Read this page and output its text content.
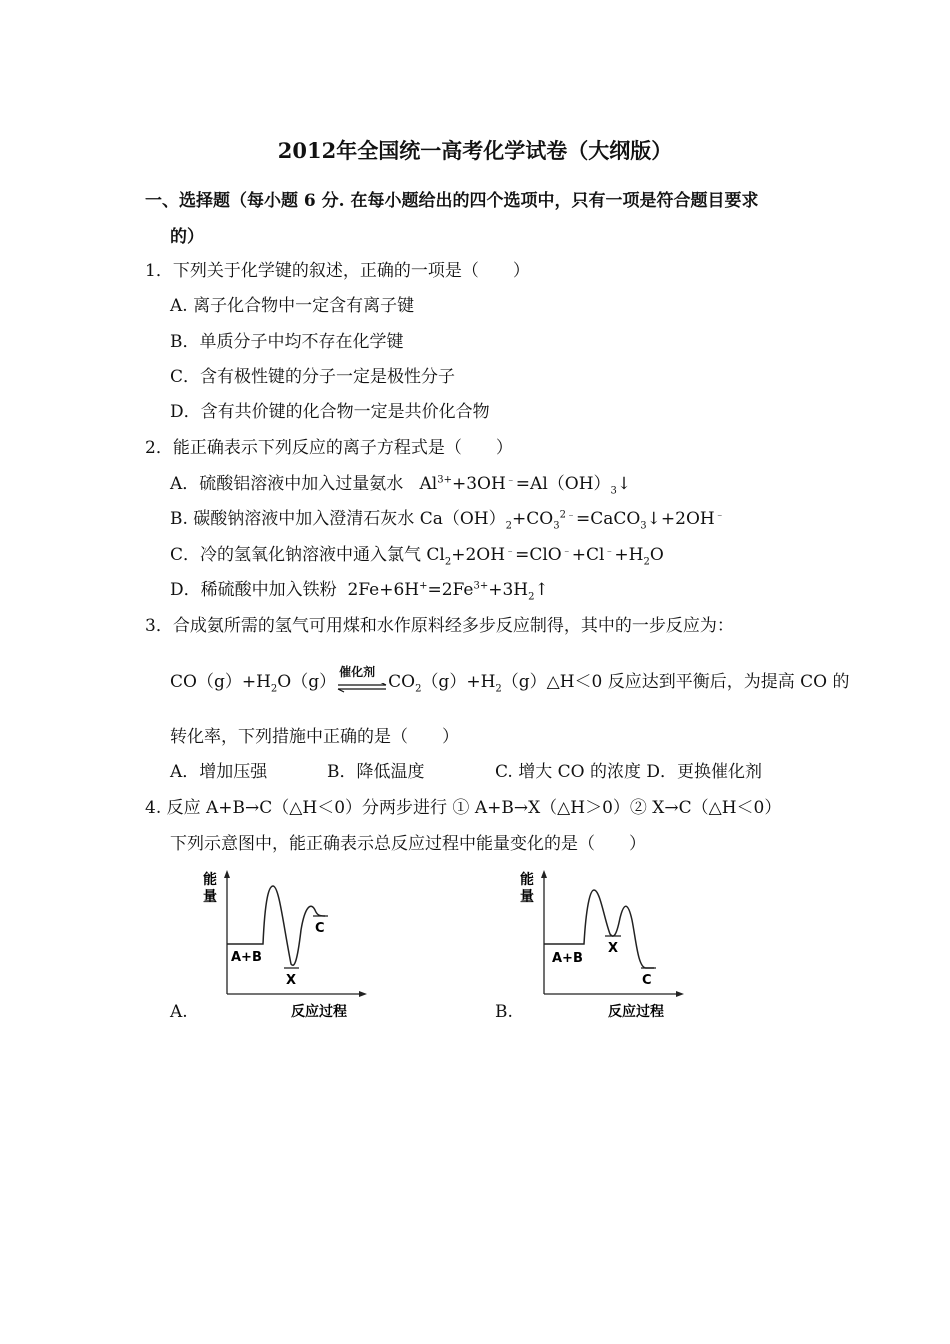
2012年全国统一高考化学试卷（大纲版）
一、选择题（每小题 6 分. 在每小题给出的四个选项中，只有一项是符合题目要求
的）
1．下列关于化学键的叙述，正确的一项是（　　）
A. 离子化合物中一定含有离子键
B．单质分子中均不存在化学键
C．含有极性键的分子一定是极性分子
D．含有共价键的化合物一定是共价化合物
2．能正确表示下列反应的离子方程式是（　　）
A．硫酸铝溶液中加入过量氨水 $Al^{3+}+3OH^﹣=Al(OH)_3↓$
B. 碳酸钠溶液中加入澄清石灰水 $Ca(OH)_2+CO_3^{2﹣}=CaCO_3↓+2OH^﹣$
C．冷的氢氧化钠溶液中通入氯气 $Cl_2+2OH^﹣=ClO^﹣+Cl^﹣+H_2O$
D．稀硫酸中加入铁粉 $2Fe+6H^+=2Fe^{3+}+3H_2↑$
3．合成氨所需的氢气可用煤和水作原料经多步反应制得，其中的一步反应为：
$CO(g)+H_2O(g)$ 催化剂 $CO_2(g)+H_2(g)\triangle H<0$ 反应达到平衡后，为提高 CO 的
转化率，下列措施中正确的是（　　）
A．增加压强	B．降低温度	C. 增大 CO 的浓度 D．更换催化剂
4. 反应 A+B→C（△H＜0）分两步进行 ① A+B→X（△H＞0）② X→C（△H＜0）
下列示意图中，能正确表示总反应过程中能量变化的是（　　）
能
量
反应过程
A+B
X
C
A.
能
量
反应过程
A+B
X
C
B.
